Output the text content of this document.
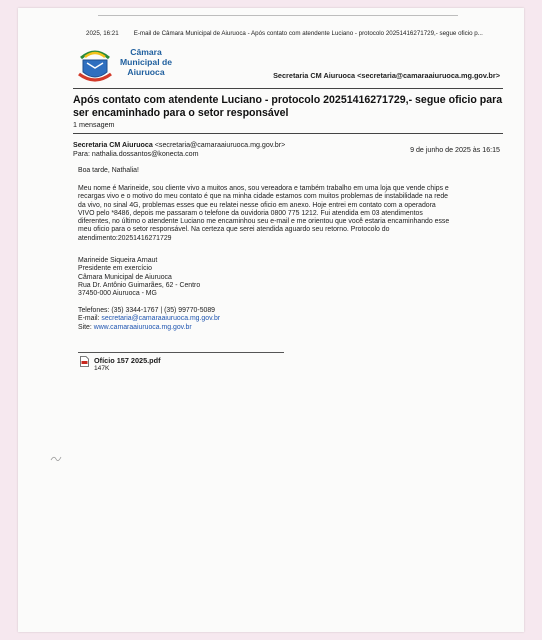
2025, 16:21 E-mail de Câmara Municipal de Aiuruoca - Após contato com atendente Luciano - protocolo 20251416271729,- segue oficio p...
Câmara
Municipal de
Aiuruoca	Secretaria CM Aiuruoca <secretaria@camaraaiuruoca.mg.gov.br>
Após contato com atendente Luciano - protocolo 20251416271729,- segue oficio para
ser encaminhado para o setor responsável
1 mensagem
Secretaria CM Aiuruoca <secretaria@camaraaiuruoca.mg.gov.br>
Para: nathalia.dossantos@konecta.com	9 de junho de 2025 às 16:15
Boa tarde, Nathalia!
Meu nome é Marineide, sou cliente vivo a muitos anos, sou vereadora e também trabalho em uma loja que vende chips e
recargas vivo e o motivo do meu contato é que na minha cidade estamos com muitos problemas de instabilidade na rede
da vivo, no sinal 4G, problemas esses que eu relatei nesse oficio em anexo. Hoje entrei em contato com a operadora
VIVO pelo *8486, depois me passaram o telefone da ouvidoria 0800 775 1212. Fui atendida em 03 atendimentos
diferentes, no último o atendente Luciano me encaminhou seu e-mail e me orientou que você estaria encaminhando esse
meu oficio para o setor responsável. Na certeza que serei atendida aguardo seu retorno. Protocolo do
atendimento:20251416271729
Marineide Siqueira Arnaut
Presidente em exercício
Câmara Municipal de Aiuruoca
Rua Dr. Antônio Guimarães, 62 - Centro
37450-000 Aiuruoca - MG
Telefones: (35) 3344-1767 | (35) 99770-5089
E-mail: secretaria@camaraaiuruoca.mg.gov.br
Site: www.camaraaiuruoca.mg.gov.br
Ofício 157 2025.pdf
147K
